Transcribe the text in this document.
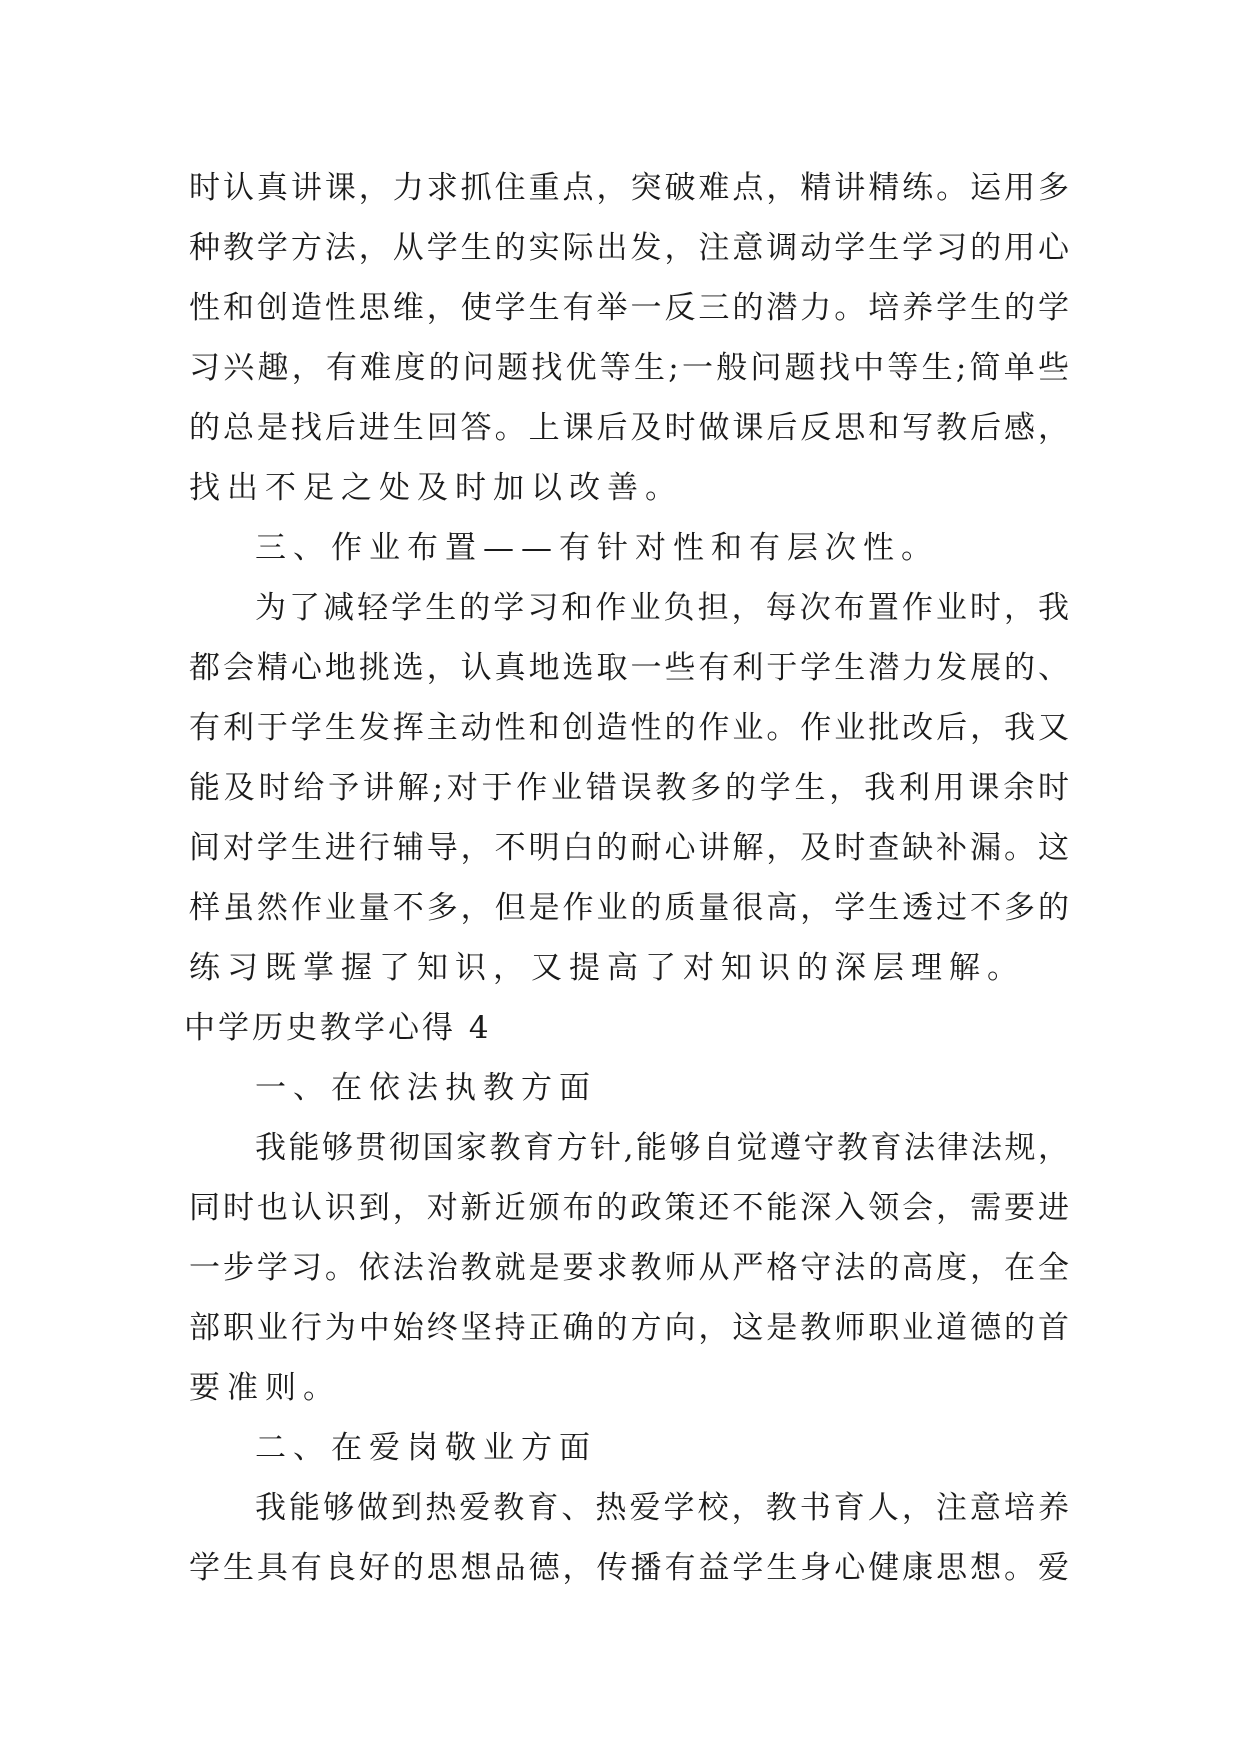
时认真讲课，力求抓住重点，突破难点，精讲精练。运用多
种教学方法，从学生的实际出发，注意调动学生学习的用心
性和创造性思维，使学生有举一反三的潜力。培养学生的学
习兴趣，有难度的问题找优等生;一般问题找中等生;简单些
的总是找后进生回答。上课后及时做课后反思和写教后感，
找出不足之处及时加以改善。
三、作业布置——有针对性和有层次性。
为了减轻学生的学习和作业负担，每次布置作业时，我
都会精心地挑选，认真地选取一些有利于学生潜力发展的、
有利于学生发挥主动性和创造性的作业。作业批改后，我又
能及时给予讲解;对于作业错误教多的学生，我利用课余时
间对学生进行辅导，不明白的耐心讲解，及时查缺补漏。这
样虽然作业量不多，但是作业的质量很高，学生透过不多的
练习既掌握了知识，又提高了对知识的深层理解。
中学历史教学心得 4
一、在依法执教方面
我能够贯彻国家教育方针,能够自觉遵守教育法律法规，
同时也认识到，对新近颁布的政策还不能深入领会，需要进
一步学习。依法治教就是要求教师从严格守法的高度，在全
部职业行为中始终坚持正确的方向，这是教师职业道德的首
要准则。
二、在爱岗敬业方面
我能够做到热爱教育、热爱学校，教书育人，注意培养
学生具有良好的思想品德，传播有益学生身心健康思想。爱
